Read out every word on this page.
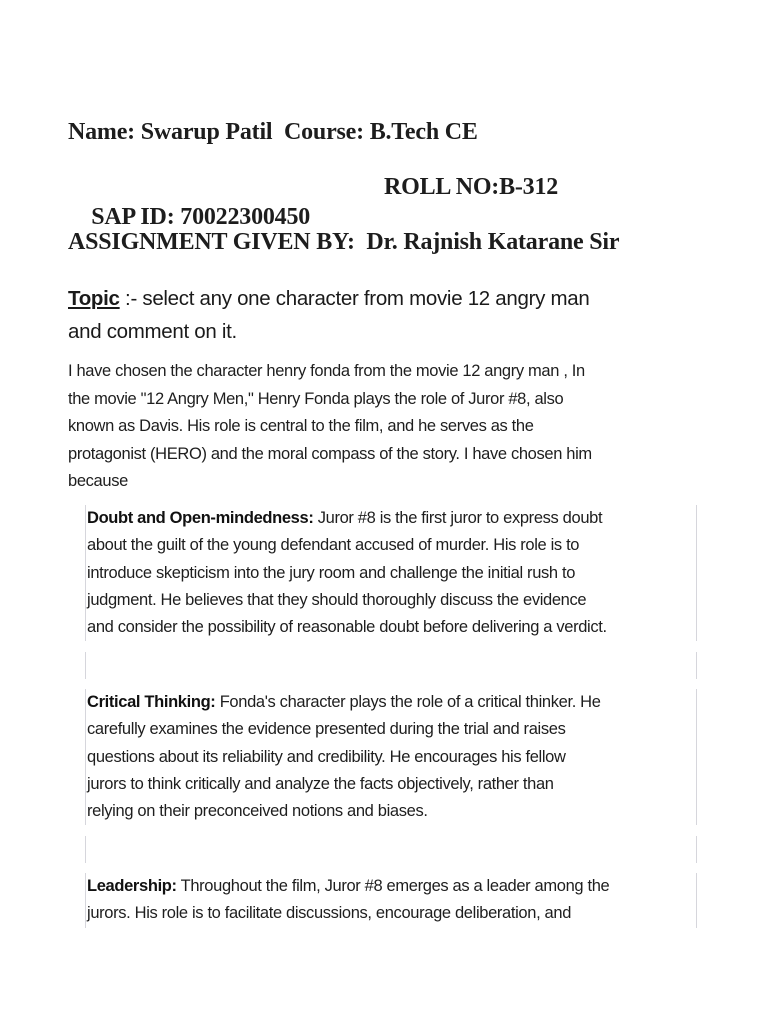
Name: Swarup Patil  Course: B.Tech CE

SAP ID: 70022300450

ROLL NO:B-312

ASSIGNMENT GIVEN BY:  Dr. Rajnish Katarane Sir
Topic :- select any one character from movie 12 angry man
and comment on it.
I have chosen the character henry fonda from the movie 12 angry man , In
the movie "12 Angry Men," Henry Fonda plays the role of Juror #8, also
known as Davis. His role is central to the film, and he serves as the
protagonist (HERO) and the moral compass of the story. I have chosen him
because
Doubt and Open-mindedness: Juror #8 is the first juror to express doubt
about the guilt of the young defendant accused of murder. His role is to
introduce skepticism into the jury room and challenge the initial rush to
judgment. He believes that they should thoroughly discuss the evidence
and consider the possibility of reasonable doubt before delivering a verdict.
Critical Thinking: Fonda's character plays the role of a critical thinker. He
carefully examines the evidence presented during the trial and raises
questions about its reliability and credibility. He encourages his fellow
jurors to think critically and analyze the facts objectively, rather than
relying on their preconceived notions and biases.
Leadership: Throughout the film, Juror #8 emerges as a leader among the
jurors. His role is to facilitate discussions, encourage deliberation, and
